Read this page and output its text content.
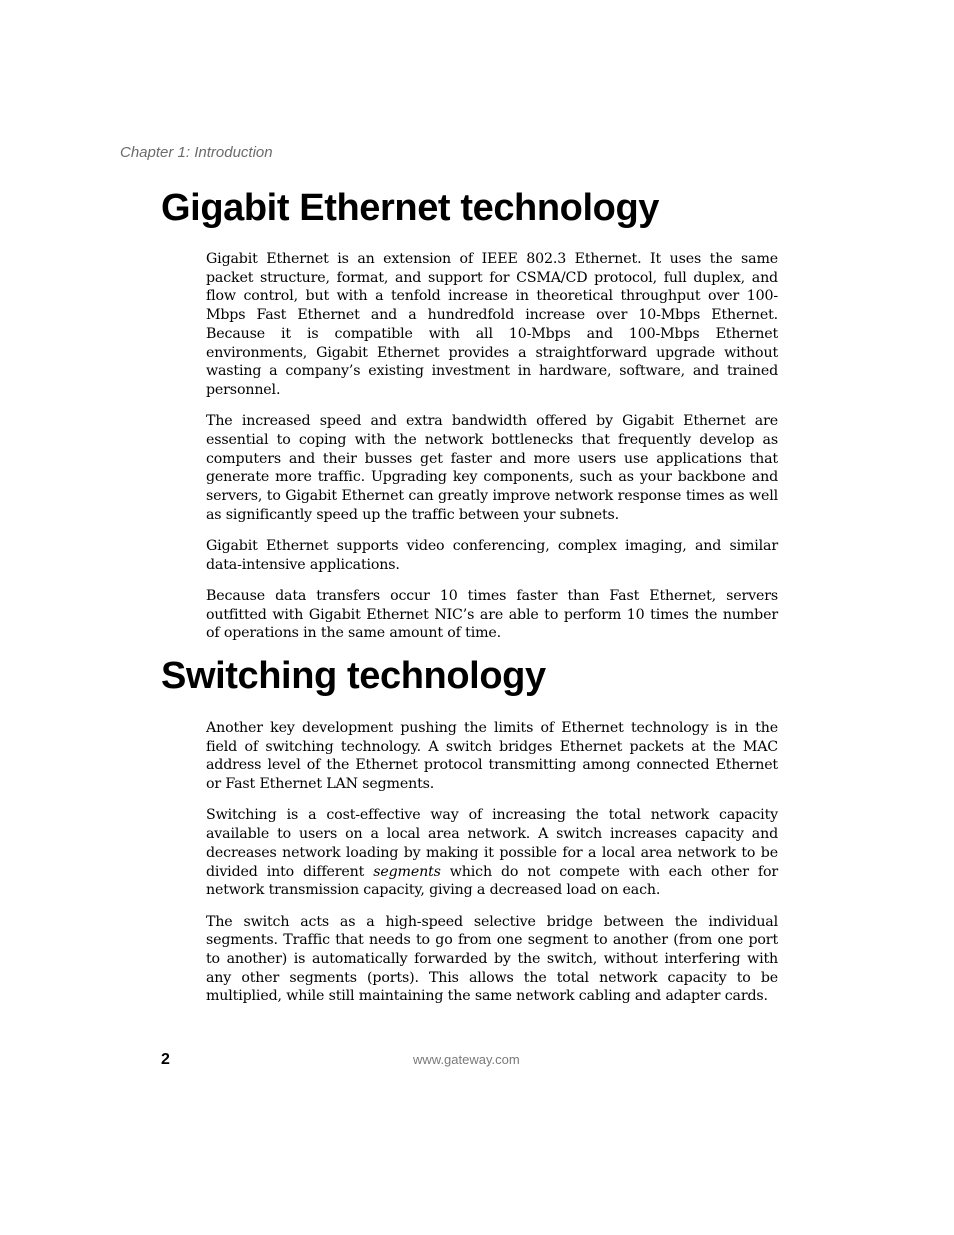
Chapter 1: Introduction

Gigabit Ethernet technology

Gigabit Ethernet is an extension of IEEE 802.3 Ethernet. It uses the same packet structure, format, and support for CSMA/CD protocol, full duplex, and flow control, but with a tenfold increase in theoretical throughput over 100-Mbps Fast Ethernet and a hundredfold increase over 10-Mbps Ethernet. Because it is compatible with all 10-Mbps and 100-Mbps Ethernet environments, Gigabit Ethernet provides a straightforward upgrade without wasting a company’s existing investment in hardware, software, and trained personnel.

The increased speed and extra bandwidth offered by Gigabit Ethernet are essential to coping with the network bottlenecks that frequently develop as computers and their busses get faster and more users use applications that generate more traffic. Upgrading key components, such as your backbone and servers, to Gigabit Ethernet can greatly improve network response times as well as significantly speed up the traffic between your subnets.

Gigabit Ethernet supports video conferencing, complex imaging, and similar data-intensive applications.

Because data transfers occur 10 times faster than Fast Ethernet, servers outfitted with Gigabit Ethernet NIC’s are able to perform 10 times the number of operations in the same amount of time.

Switching technology

Another key development pushing the limits of Ethernet technology is in the field of switching technology. A switch bridges Ethernet packets at the MAC address level of the Ethernet protocol transmitting among connected Ethernet or Fast Ethernet LAN segments.

Switching is a cost-effective way of increasing the total network capacity available to users on a local area network. A switch increases capacity and decreases network loading by making it possible for a local area network to be divided into different segments which do not compete with each other for network transmission capacity, giving a decreased load on each.

The switch acts as a high-speed selective bridge between the individual segments. Traffic that needs to go from one segment to another (from one port to another) is automatically forwarded by the switch, without interfering with any other segments (ports). This allows the total network capacity to be multiplied, while still maintaining the same network cabling and adapter cards.

2	www.gateway.com
